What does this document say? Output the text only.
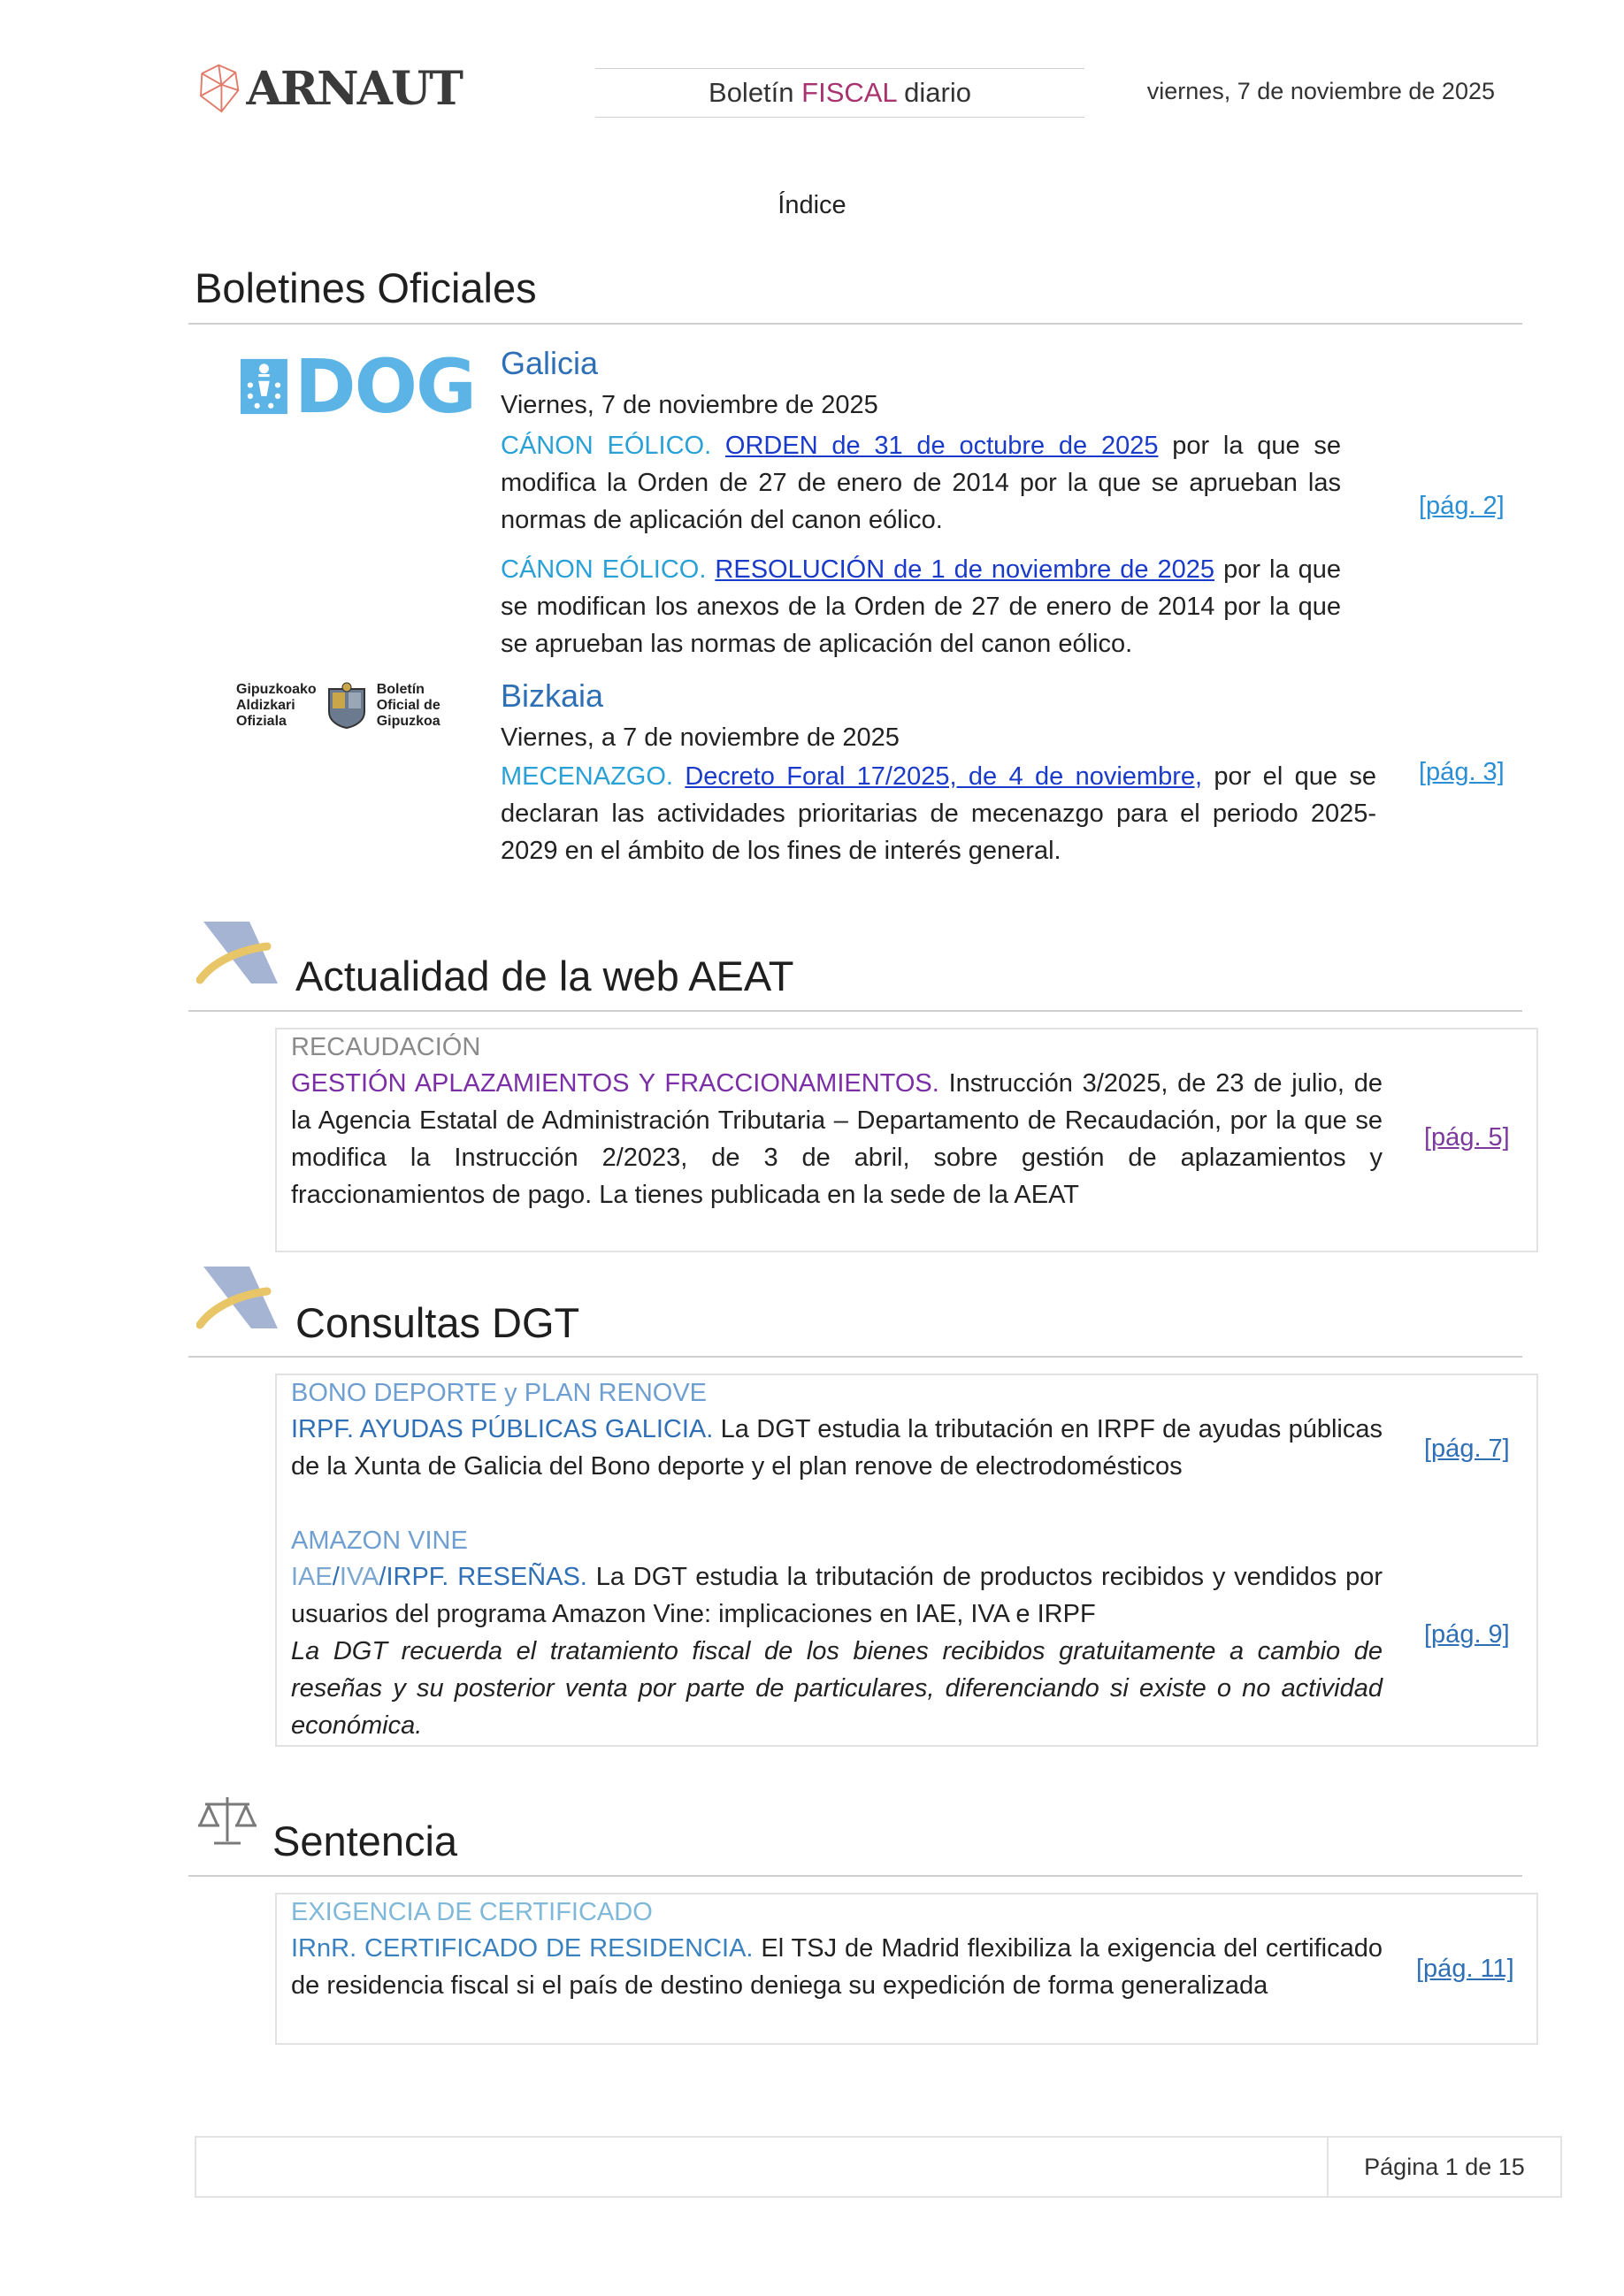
ARNAUT	Boletín FISCAL diario	viernes, 7 de noviembre de 2025
Índice
Boletines Oficiales
DOG Galicia
Viernes, 7 de noviembre de 2025
CÁNON EÓLICO. ORDEN de 31 de octubre de 2025 por la que se modifica la Orden de 27 de enero de 2014 por la que se aprueban las normas de aplicación del canon eólico.
CÁNON EÓLICO. RESOLUCIÓN de 1 de noviembre de 2025 por la que se modifican los anexos de la Orden de 27 de enero de 2014 por la que se aprueban las normas de aplicación del canon eólico.
[pág. 2]
Gipuzkoako
Aldizkari
Ofiziala
Boletín
Oficial de
Gipuzkoa
Bizkaia
Viernes, a 7 de noviembre de 2025
MECENAZGO. Decreto Foral 17/2025, de 4 de noviembre, por el que se declaran las actividades prioritarias de mecenazgo para el periodo 2025-2029 en el ámbito de los fines de interés general.
[pág. 3]
Actualidad de la web AEAT
RECAUDACIÓN
GESTIÓN APLAZAMIENTOS Y FRACCIONAMIENTOS. Instrucción 3/2025, de 23 de julio, de la Agencia Estatal de Administración Tributaria – Departamento de Recaudación, por la que se modifica la Instrucción 2/2023, de 3 de abril, sobre gestión de aplazamientos y fraccionamientos de pago. La tienes publicada en la sede de la AEAT
[pág. 5]
Consultas DGT
BONO DEPORTE y PLAN RENOVE
IRPF. AYUDAS PÚBLICAS GALICIA. La DGT estudia la tributación en IRPF de ayudas públicas de la Xunta de Galicia del Bono deporte y el plan renove de electrodomésticos
[pág. 7]
AMAZON VINE
IAE/IVA/IRPF. RESEÑAS. La DGT estudia la tributación de productos recibidos y vendidos por usuarios del programa Amazon Vine: implicaciones en IAE, IVA e IRPF
La DGT recuerda el tratamiento fiscal de los bienes recibidos gratuitamente a cambio de reseñas y su posterior venta por parte de particulares, diferenciando si existe o no actividad económica.
[pág. 9]
Sentencia
EXIGENCIA DE CERTIFICADO
IRnR. CERTIFICADO DE RESIDENCIA. El TSJ de Madrid flexibiliza la exigencia del certificado de residencia fiscal si el país de destino deniega su expedición de forma generalizada
[pág. 11]
Página 1 de 15
